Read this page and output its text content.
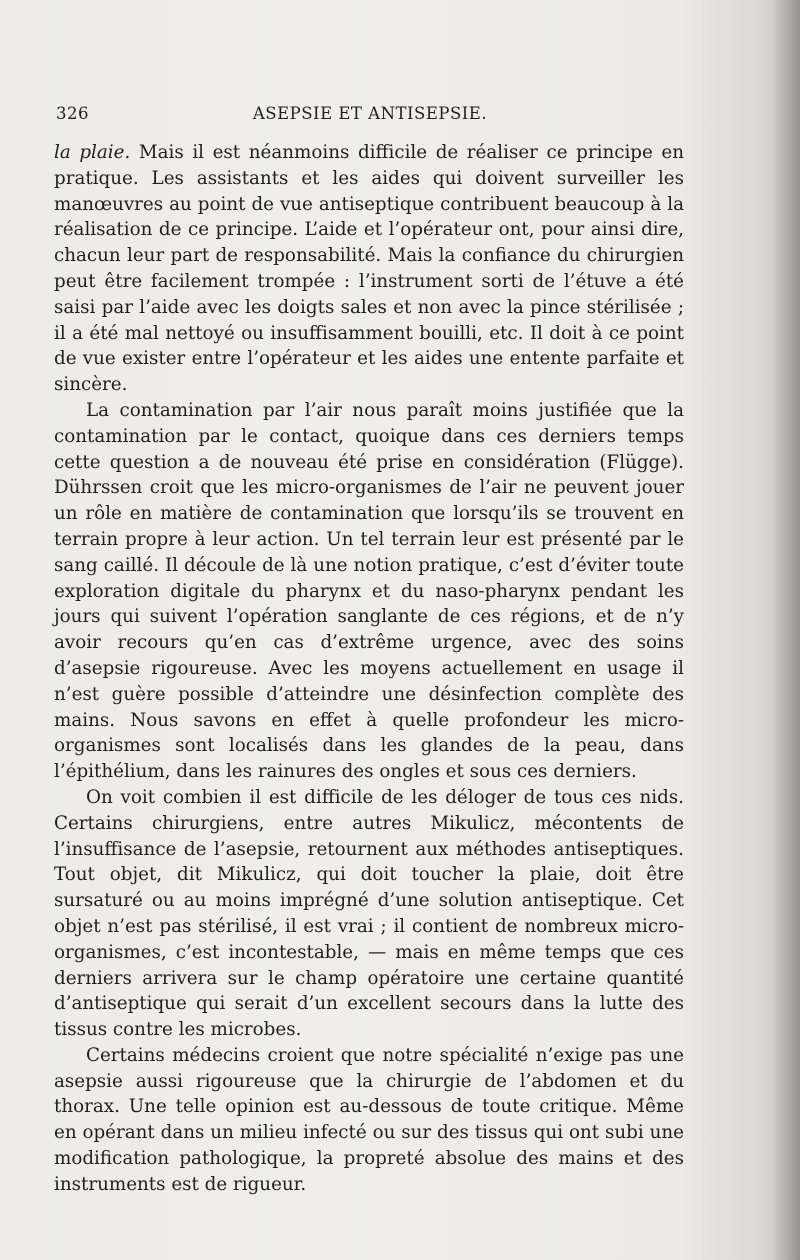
326	ASEPSIE ET ANTISEPSIE.

la plaie. Mais il est néanmoins difficile de réaliser ce principe en pratique. Les assistants et les aides qui doivent surveiller les manœuvres au point de vue antiseptique contribuent beaucoup à la réalisation de ce principe. L’aide et l’opérateur ont, pour ainsi dire, chacun leur part de responsabilité. Mais la confiance du chirurgien peut être facilement trompée : l’instrument sorti de l’étuve a été saisi par l’aide avec les doigts sales et non avec la pince stérilisée ; il a été mal nettoyé ou insuffisamment bouilli, etc. Il doit à ce point de vue exister entre l’opérateur et les aides une entente parfaite et sincère.

La contamination par l’air nous paraît moins justifiée que la contamination par le contact, quoique dans ces derniers temps cette question a de nouveau été prise en considération (Flügge). Dührssen croit que les micro-organismes de l’air ne peuvent jouer un rôle en matière de contamination que lorsqu’ils se trouvent en terrain propre à leur action. Un tel terrain leur est présenté par le sang caillé. Il découle de là une notion pratique, c’est d’éviter toute exploration digitale du pharynx et du naso-pharynx pendant les jours qui suivent l’opération sanglante de ces régions, et de n’y avoir recours qu’en cas d’extrême urgence, avec des soins d’asepsie rigoureuse. Avec les moyens actuellement en usage il n’est guère possible d’atteindre une désinfection complète des mains. Nous savons en effet à quelle profondeur les micro-organismes sont localisés dans les glandes de la peau, dans l’épithélium, dans les rainures des ongles et sous ces derniers.

On voit combien il est difficile de les déloger de tous ces nids. Certains chirurgiens, entre autres Mikulicz, mécontents de l’insuffisance de l’asepsie, retournent aux méthodes antiseptiques. Tout objet, dit Mikulicz, qui doit toucher la plaie, doit être sursaturé ou au moins imprégné d’une solution antiseptique. Cet objet n’est pas stérilisé, il est vrai ; il contient de nombreux micro-organismes, c’est incontestable, — mais en même temps que ces derniers arrivera sur le champ opératoire une certaine quantité d’antiseptique qui serait d’un excellent secours dans la lutte des tissus contre les microbes.

Certains médecins croient que notre spécialité n’exige pas une asepsie aussi rigoureuse que la chirurgie de l’abdomen et du thorax. Une telle opinion est au-dessous de toute critique. Même en opérant dans un milieu infecté ou sur des tissus qui ont subi une modification pathologique, la propreté absolue des mains et des instruments est de rigueur.
